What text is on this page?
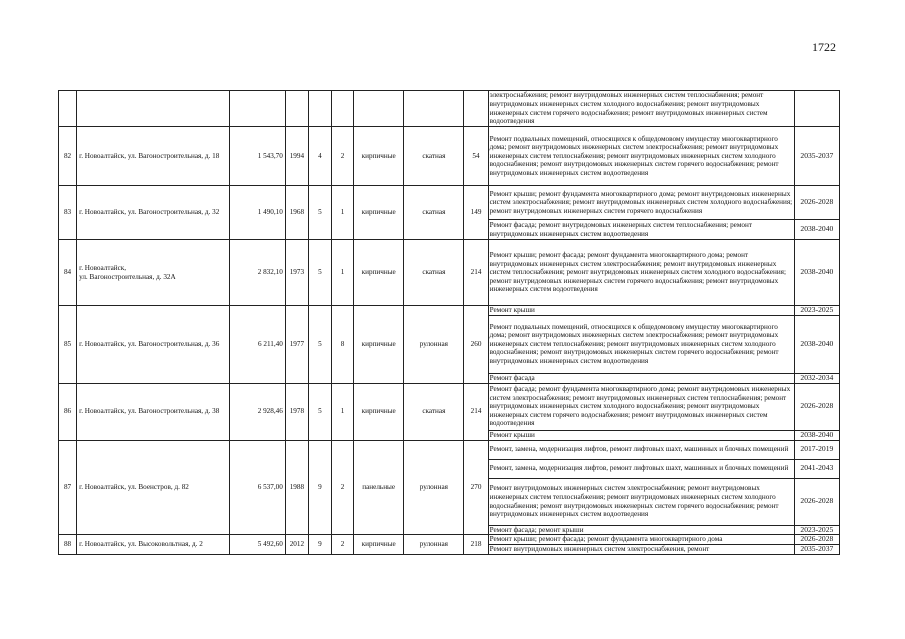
1722
									электроснабжения; ремонт внутридомовых инженерных систем теплоснабжения; ремонт внутридомовых инженерных систем холодного водоснабжения; ремонт внутридомовых инженерных систем горячего водоснабжения; ремонт внутридомовых инженерных систем водоотведения	
82	г. Новоалтайск, ул. Вагоностроительная, д. 18	1 543,70	1994	4	2	кирпичные	скатная	54	Ремонт подвальных помещений, относящихся к общедомовому имуществу многоквартирного дома; ремонт внутридомовых инженерных систем электроснабжения; ремонт внутридомовых инженерных систем теплоснабжения; ремонт внутридомовых инженерных систем холодного водоснабжения; ремонт внутридомовых инженерных систем горячего водоснабжения; ремонт внутридомовых инженерных систем водоотведения	2035-2037
83	г. Новоалтайск, ул. Вагоностроительная, д. 32	1 490,10	1968	5	1	кирпичные	скатная	149	Ремонт крыши; ремонт фундамента многоквартирного дома; ремонт внутридомовых инженерных систем электроснабжения; ремонт внутридомовых инженерных систем холодного водоснабжения; ремонт внутридомовых инженерных систем горячего водоснабжения	2026-2028
									Ремонт фасада; ремонт внутридомовых инженерных систем теплоснабжения; ремонт внутридомовых инженерных систем водоотведения	2038-2040
84	г. Новоалтайск,
ул. Вагоностроительная, д. 32А	2 832,10	1973	5	1	кирпичные	скатная	214	Ремонт крыши; ремонт фасада; ремонт фундамента многоквартирного дома; ремонт внутридомовых инженерных систем электроснабжения; ремонт внутридомовых инженерных систем теплоснабжения; ремонт внутридомовых инженерных систем холодного водоснабжения; ремонт внутридомовых инженерных систем горячего водоснабжения; ремонт внутридомовых инженерных систем водоотведения	2038-2040
85	г. Новоалтайск, ул. Вагоностроительная, д. 36	6 211,40	1977	5	8	кирпичные	рулонная	260	Ремонт крыши	2023-2025
									Ремонт подвальных помещений, относящихся к общедомовому имуществу многоквартирного дома; ремонт внутридомовых инженерных систем электроснабжения; ремонт внутридомовых инженерных систем теплоснабжения; ремонт внутридомовых инженерных систем холодного водоснабжения; ремонт внутридомовых инженерных систем горячего водоснабжения; ремонт внутридомовых инженерных систем водоотведения	2038-2040
									Ремонт фасада	2032-2034
86	г. Новоалтайск, ул. Вагоностроительная, д. 38	2 928,46	1978	5	1	кирпичные	скатная	214	Ремонт фасада; ремонт фундамента многоквартирного дома; ремонт внутридомовых инженерных систем электроснабжения; ремонт внутридомовых инженерных систем теплоснабжения; ремонт внутридомовых инженерных систем холодного водоснабжения; ремонт внутридомовых инженерных систем горячего водоснабжения; ремонт внутридомовых инженерных систем водоотведения	2026-2028
									Ремонт крыши	2038-2040
87	г. Новоалтайск, ул. Военстров, д. 82	6 537,00	1988	9	2	панельные	рулонная	270	Ремонт, замена, модернизация лифтов, ремонт лифтовых шахт, машинных и блочных помещений	2017-2019
									Ремонт, замена, модернизация лифтов, ремонт лифтовых шахт, машинных и блочных помещений	2041-2043
									Ремонт внутридомовых инженерных систем электроснабжения; ремонт внутридомовых инженерных систем теплоснабжения; ремонт внутридомовых инженерных систем холодного водоснабжения; ремонт внутридомовых инженерных систем горячего водоснабжения; ремонт внутридомовых инженерных систем водоотведения	2026-2028
									Ремонт фасада; ремонт крыши	2023-2025
88	г. Новоалтайск, ул. Высоковольтная, д. 2	5 492,60	2012	9	2	кирпичные	рулонная	218	Ремонт крыши; ремонт фасада; ремонт фундамента многоквартирного дома	2026-2028
									Ремонт внутридомовых инженерных систем электроснабжения, ремонт	2035-2037
